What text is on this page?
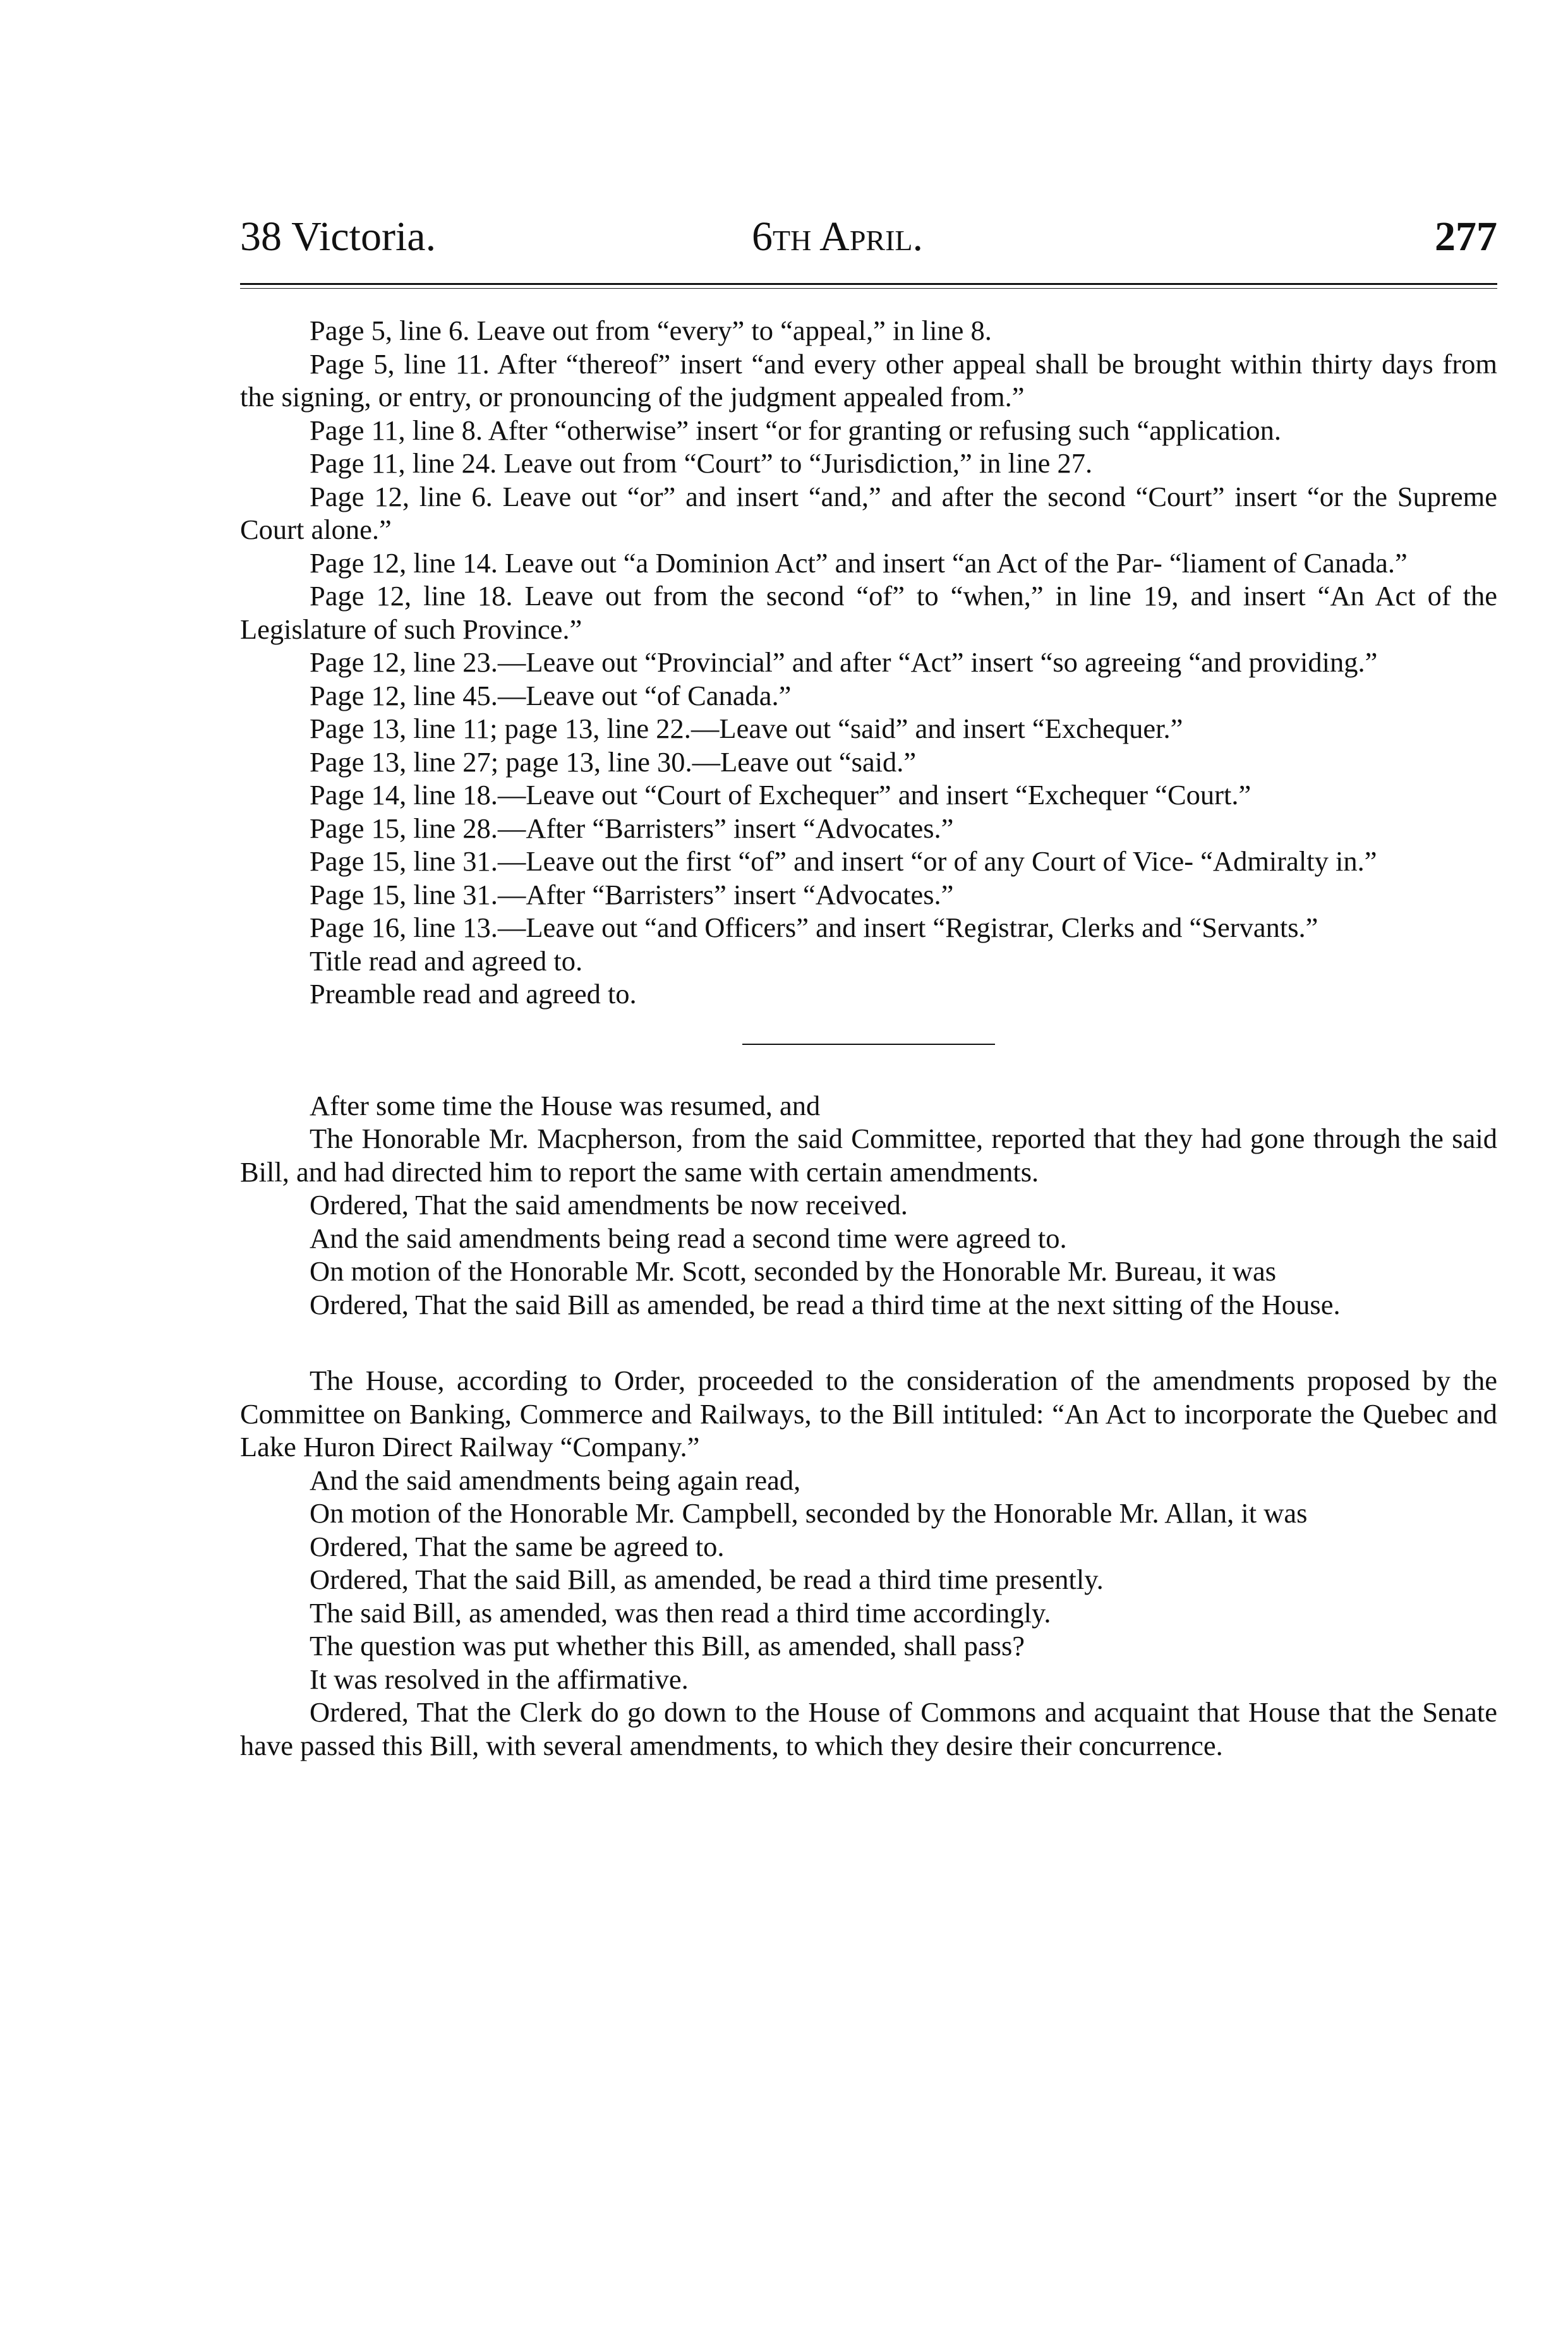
38 Victoria.	6th April.	277

Page 5, line 6. Leave out from “every” to “appeal,” in line 8.

Page 5, line 11. After “thereof” insert “and every other appeal shall be brought within thirty days from the signing, or entry, or pronouncing of the judgment appealed from.”

Page 11, line 8. After “otherwise” insert “or for granting or refusing such “application.

Page 11, line 24. Leave out from “Court” to “Jurisdiction,” in line 27.

Page 12, line 6. Leave out “or” and insert “and,” and after the second “Court” insert “or the Supreme Court alone.”

Page 12, line 14. Leave out “a Dominion Act” and insert “an Act of the Par- “liament of Canada.”

Page 12, line 18. Leave out from the second “of” to “when,” in line 19, and insert “An Act of the Legislature of such Province.”

Page 12, line 23.—Leave out “Provincial” and after “Act” insert “so agreeing “and providing.”

Page 12, line 45.—Leave out “of Canada.”

Page 13, line 11; page 13, line 22.—Leave out “said” and insert “Exchequer.”

Page 13, line 27; page 13, line 30.—Leave out “said.”

Page 14, line 18.—Leave out “Court of Exchequer” and insert “Exchequer “Court.”

Page 15, line 28.—After “Barristers” insert “Advocates.”

Page 15, line 31.—Leave out the first “of” and insert “or of any Court of Vice- “Admiralty in.”

Page 15, line 31.—After “Barristers” insert “Advocates.”

Page 16, line 13.—Leave out “and Officers” and insert “Registrar, Clerks and “Servants.”

Title read and agreed to.

Preamble read and agreed to.

After some time the House was resumed, and

The Honorable Mr. Macpherson, from the said Committee, reported that they had gone through the said Bill, and had directed him to report the same with certain amendments.

Ordered, That the said amendments be now received.

And the said amendments being read a second time were agreed to.

On motion of the Honorable Mr. Scott, seconded by the Honorable Mr. Bureau, it was

Ordered, That the said Bill as amended, be read a third time at the next sitting of the House.

The House, according to Order, proceeded to the consideration of the amendments proposed by the Committee on Banking, Commerce and Railways, to the Bill intituled: “An Act to incorporate the Quebec and Lake Huron Direct Railway “Company.”

And the said amendments being again read,

On motion of the Honorable Mr. Campbell, seconded by the Honorable Mr. Allan, it was

Ordered, That the same be agreed to.

Ordered, That the said Bill, as amended, be read a third time presently.

The said Bill, as amended, was then read a third time accordingly.

The question was put whether this Bill, as amended, shall pass?

It was resolved in the affirmative.

Ordered, That the Clerk do go down to the House of Commons and acquaint that House that the Senate have passed this Bill, with several amendments, to which they desire their concurrence.
